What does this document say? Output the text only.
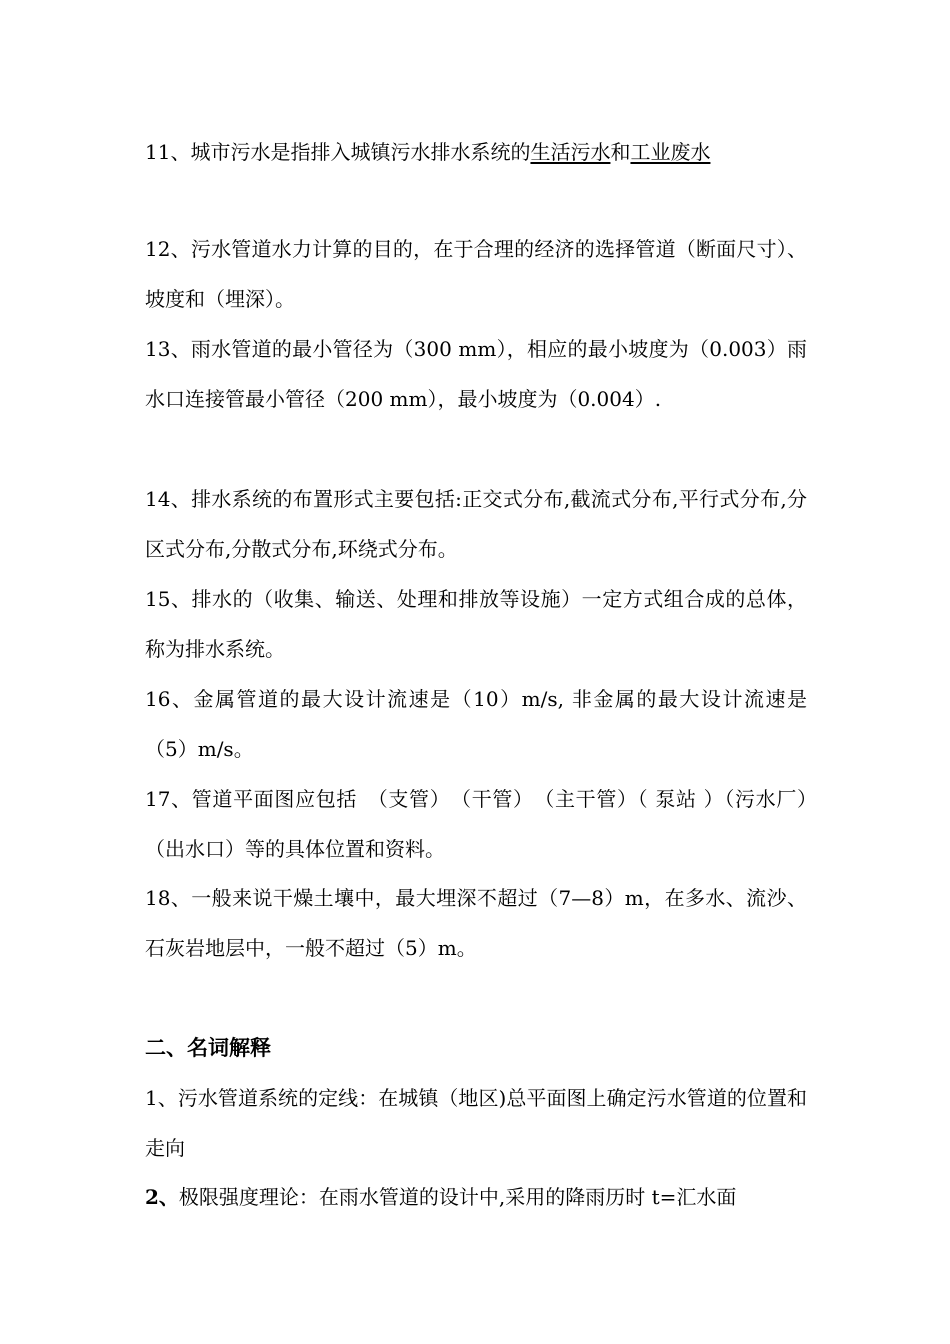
11、城市污水是指排入城镇污水排水系统的生活污水和工业废水
12、污水管道水力计算的目的，在于合理的经济的选择管道（断面尺寸）、坡度和（埋深）。
13、雨水管道的最小管径为（300 mm），相应的最小坡度为（0.003）雨水口连接管最小管径（200 mm），最小坡度为（0.004）.
14、排水系统的布置形式主要包括:正交式分布,截流式分布,平行式分布,分区式分布,分散式分布,环绕式分布。
15、排水的（收集、输送、处理和排放等设施）一定方式组合成的总体，称为排水系统。
16、金属管道的最大设计流速是（10）m/s, 非金属的最大设计流速是（5）m/s。
17、管道平面图应包括　（支管）　（干管）　（主干管）（ 泵站 ）（污水厂）　（出水口）等的具体位置和资料。
18、一般来说干燥土壤中，最大埋深不超过（7—8）m，在多水、流沙、石灰岩地层中，一般不超过（5）m。
二、名词解释
1、污水管道系统的定线：在城镇（地区)总平面图上确定污水管道的位置和走向
2、极限强度理论：在雨水管道的设计中,采用的降雨历时 t=汇水面
